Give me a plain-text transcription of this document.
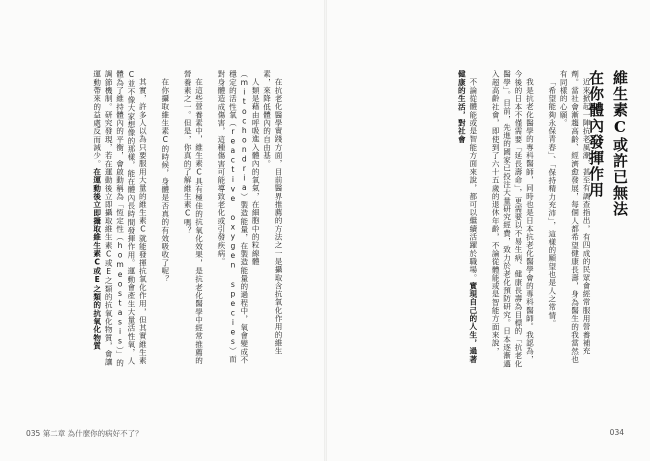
在抗老化醫學實踐方面，目前醫界推薦的方法之一是攝取含抗氧化作用的維生素，來降低體內的自由基。

人類是藉由呼吸進入體內的氧氣，在細胞中的粒線體（mitochondria）製造能量，在製造能量的過程中，氧會變成不穩定的活性氧（reactive oxygen species）而對身體造成傷害，這種傷害可能導致老化或引發疾病。

在這些營養素中，維生素C具有極佳的抗氧化效果，是抗老化醫學中經常推薦的營養素之一。但是，你真的了解維生素C嗎？

在你攝取維生素C的時候，身體是否真的有效吸收了呢？

其實，許多人以為只要服用大量的維生素C就能發揮抗氧化作用，但其實維生素C並不像大家想像的那樣，能在體內長時間發揮作用。運動會產生大量活性氧，人體為了維持體內的平衡，會啟動稱為「恆定性（homeostasis）」的調節機制。研究發現，若在運動後立即攝取維生素C或E之類的抗氧化物質，會讓運動帶來的益處反而減少。在運動後立即攝取維生素C或E之類的抗氧化物質

035 第二章 為什麼你的病好不了？
維生素C或許已無法
在你體內發揮作用

近來掀起一陣抗老風潮，甚至有調查指出，有四成的民眾會經常服用營養補充劑。當社會漸趨高齡、經濟愈發展，每個人都希望健康長壽，身為醫生的我當然也有同樣的心願。

「希望能夠永保青春」、「保持精力充沛」，這樣的願望也是人之常情。

我是抗老化醫學的專科醫師，同時也是日本抗老化醫學會的專科醫師。我認為，今後的日本不僅需要「延長壽命」，更需要以不易生病、健康長壽為目標的「抗老化醫學」。目前，先進的國家已投注大量研究經費，致力於老化預防研究。日本逐漸邁入超高齡社會，即使到了六十五歲的退休年齡，不論從體能或是智能方面來說，

不論從體能或是智能方面來說，都可以繼續活躍於職場。實現自己的人生，過著健康的生活，對社會

034
